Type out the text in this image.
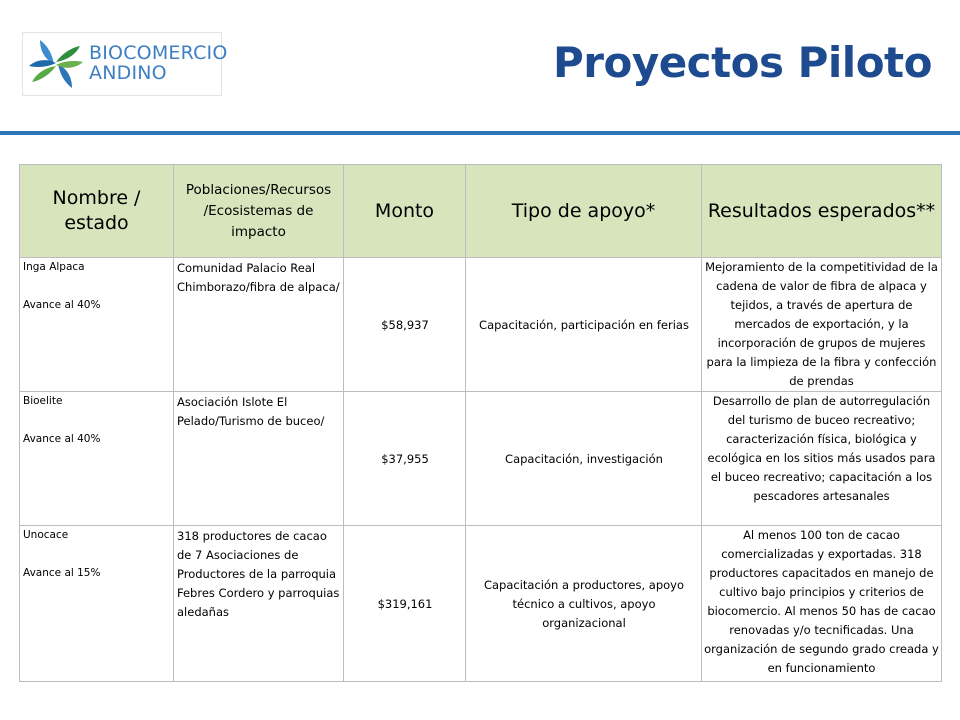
BIOCOMERCIO
ANDINO	Proyectos Piloto
Nombre / estado	Poblaciones/Recursos /Ecosistemas de impacto	Monto	Tipo de apoyo*	Resultados esperados**

Inga Alpaca
Avance al 40%	Comunidad Palacio Real Chimborazo/fibra de alpaca/	$58,937	Capacitación, participación en ferias	Mejoramiento de la competitividad de la cadena de valor de fibra de alpaca y tejidos, a través de apertura de mercados de exportación, y la incorporación de grupos de mujeres para la limpieza de la fibra y confección de prendas

Bioelite
Avance al 40%	Asociación Islote El Pelado/Turismo de buceo/	$37,955	Capacitación, investigación	Desarrollo de plan de autorregulación del turismo de buceo recreativo; caracterización física, biológica y ecológica en los sitios más usados para el buceo recreativo; capacitación a los pescadores artesanales

Unocace
Avance al 15%	318 productores de cacao de 7 Asociaciones de Productores de la parroquia Febres Cordero y parroquias aledañas	$319,161	Capacitación a productores, apoyo técnico a cultivos, apoyo organizacional	Al menos 100 ton de cacao comercializadas y exportadas. 318 productores capacitados en manejo de cultivo bajo principios y criterios de biocomercio. Al menos 50 has de cacao renovadas y/o tecnificadas. Una organización de segundo grado creada y en funcionamiento
